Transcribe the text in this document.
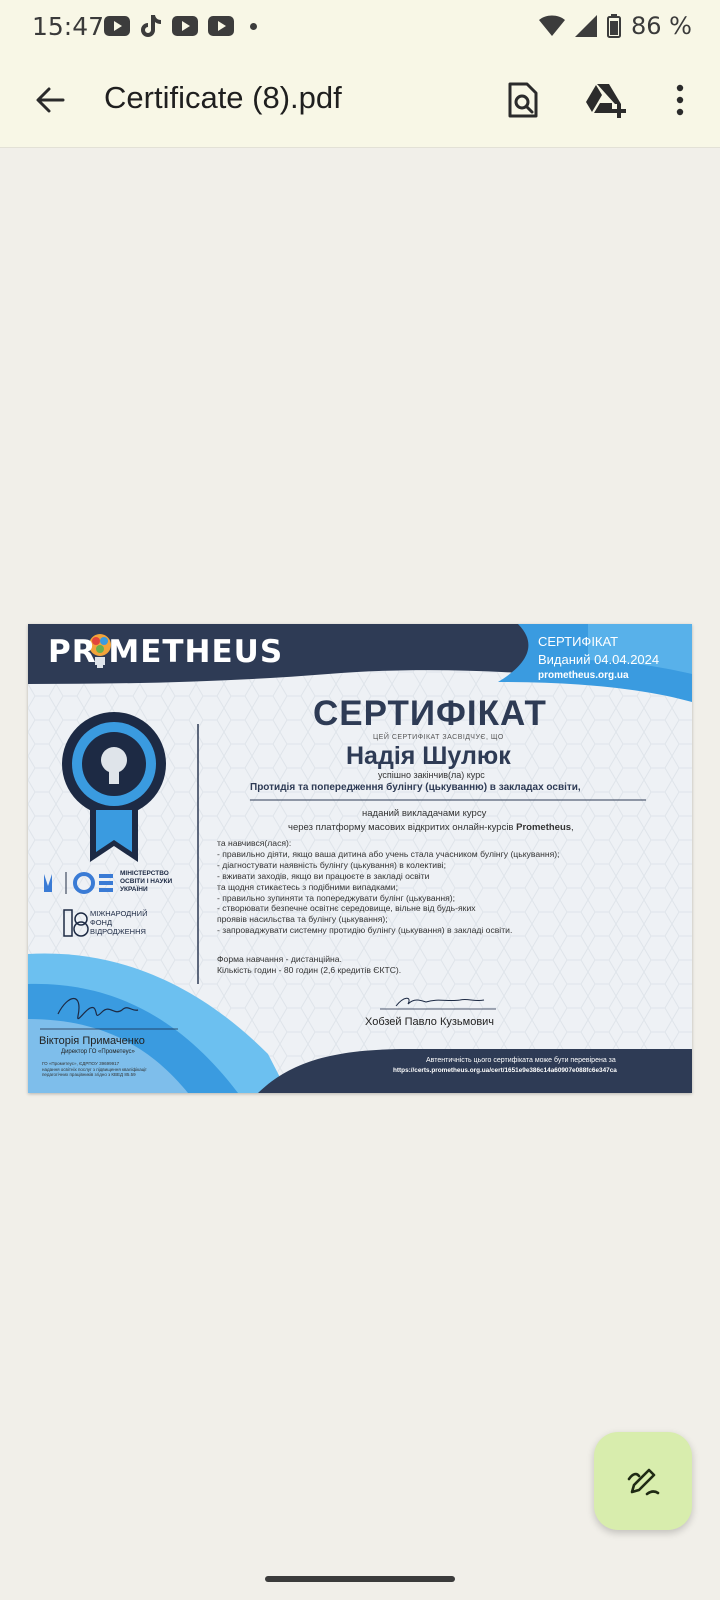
15:47	86 %
Certificate (8).pdf
PR METHEUS	СЕРТИФІКАТ
Виданий 04.04.2024
prometheus.org.ua
СЕРТИФІКАТ
ЦЕЙ СЕРТИФІКАТ ЗАСВІДЧУЄ, ЩО
Надія Шулюк
успішно закінчив(ла) курс
Протидія та попередження булінгу (цькуванню) в закладах освіти,
наданий викладачами курсу
через платформу масових відкритих онлайн-курсів Prometheus,
та навчився(лася):
- правильно діяти, якщо ваша дитина або учень стала учасником булінгу (цькування);
- діагностувати наявність булінгу (цькування) в колективі;
- вживати заходів, якщо ви працюєте в закладі освіти
та щодня стикаєтесь з подібними випадками;
- правильно зупиняти та попереджувати булінг (цькування);
- створювати безпечне освітнє середовище, вільне від будь-яких
проявів насильства та булінгу (цькування);
- запроваджувати системну протидію булінгу (цькування) в закладі освіти.
Форма навчання - дистанційна.
Кількість годин - 80 годин (2,6 кредитів ЄКТС).
МІНІСТЕРСТВО
ОСВІТИ І НАУКИ
УКРАЇНИ
МІЖНАРОДНИЙ
ФОНД
ВІДРОДЖЕННЯ
Хобзей Павло Кузьмович
Вікторія Примаченко
Директор ГО «Прометеус»
ГО «Прометеус», ЄДРПОУ 39699917
надання освітніх послуг з підвищення кваліфікації
педагогічних працівників згідно з КВЕД 85.59
Автентичність цього сертифіката може бути перевірена за
https://certs.prometheus.org.ua/cert/1651e9e386c14a60907e088fc6e347ca
